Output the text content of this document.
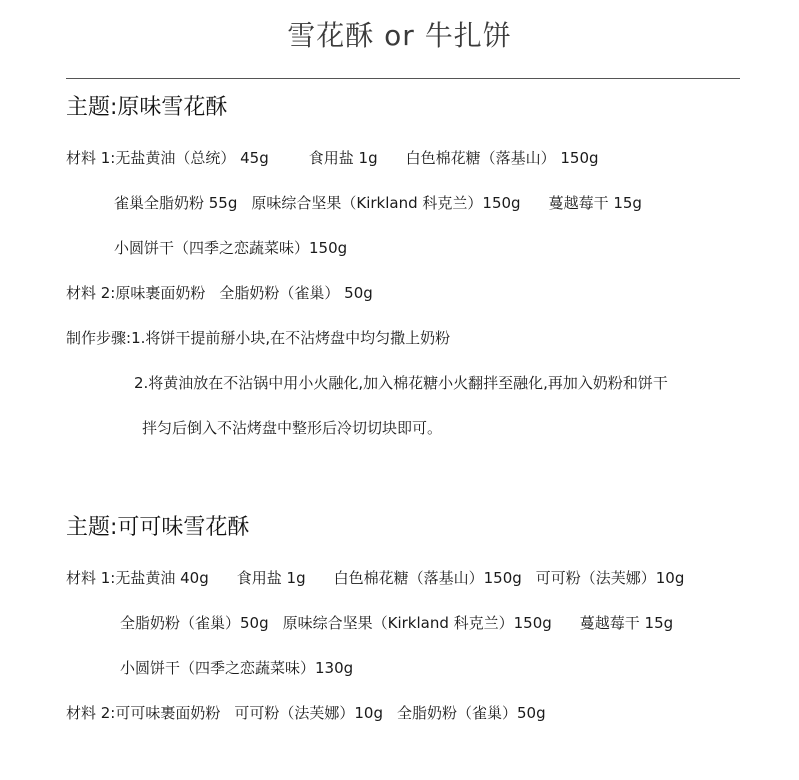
雪花酥 or 牛扎饼
主题:原味雪花酥
材料 1:无盐黄油（总统） 45g	食用盐 1g 白色棉花糖（落基山） 150g
雀巢全脂奶粉 55g 原味综合坚果（Kirkland 科克兰）150g 蔓越莓干 15g
小圆饼干（四季之恋蔬菜味）150g
材料 2:原味裹面奶粉 全脂奶粉（雀巢） 50g
制作步骤:1.将饼干提前掰小块,在不沾烤盘中均匀撒上奶粉
2.将黄油放在不沾锅中用小火融化,加入棉花糖小火翻拌至融化,再加入奶粉和饼干
拌匀后倒入不沾烤盘中整形后冷切切块即可。
主题:可可味雪花酥
材料 1:无盐黄油 40g 食用盐 1g 白色棉花糖（落基山）150g 可可粉（法芙娜）10g
全脂奶粉（雀巢）50g 原味综合坚果（Kirkland 科克兰）150g 蔓越莓干 15g
小圆饼干（四季之恋蔬菜味）130g
材料 2:可可味裹面奶粉 可可粉（法芙娜）10g 全脂奶粉（雀巢）50g
